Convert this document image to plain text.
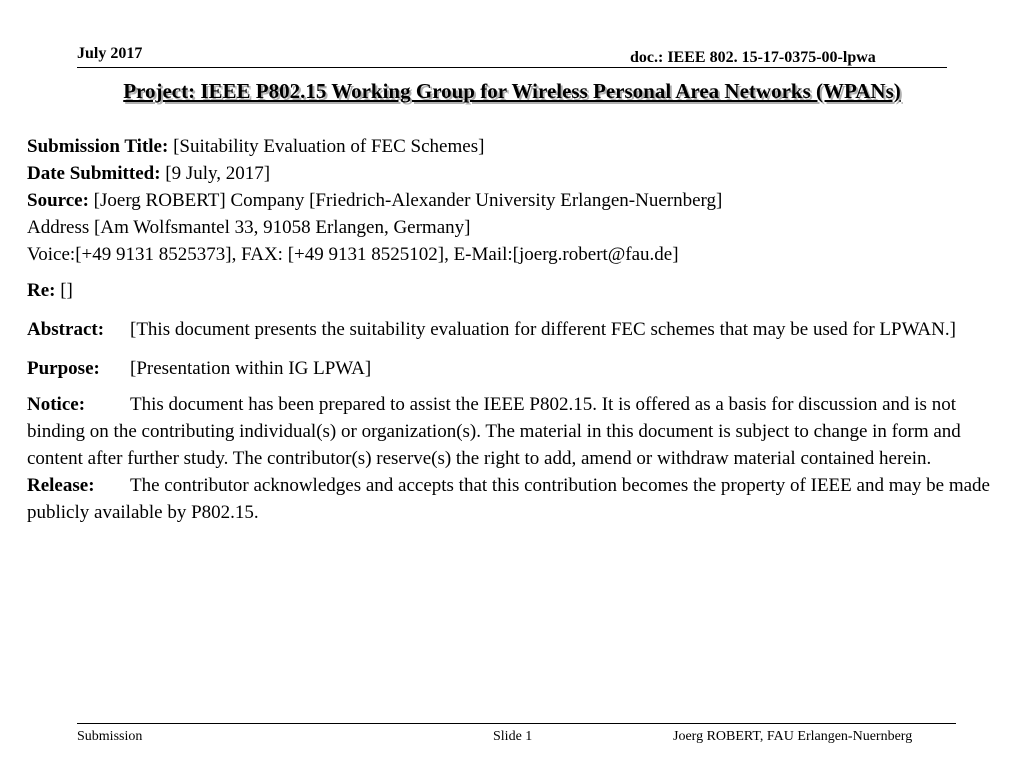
July 2017	doc.: IEEE 802. 15-17-0375-00-lpwa
Project: IEEE P802.15 Working Group for Wireless Personal Area Networks (WPANs)
Submission Title: [Suitability Evaluation of FEC Schemes]
Date Submitted: [9 July, 2017]
Source: [Joerg ROBERT] Company [Friedrich-Alexander University Erlangen-Nuernberg]
Address [Am Wolfsmantel 33, 91058 Erlangen, Germany]
Voice:[+49 9131 8525373], FAX: [+49 9131 8525102], E-Mail:[joerg.robert@fau.de]
Re: []
Abstract: [This document presents the suitability evaluation for different FEC schemes that may be used for LPWAN.]
Purpose: [Presentation within IG LPWA]
Notice: This document has been prepared to assist the IEEE P802.15. It is offered as a basis for discussion and is not binding on the contributing individual(s) or organization(s). The material in this document is subject to change in form and content after further study. The contributor(s) reserve(s) the right to add, amend or withdraw material contained herein.
Release: The contributor acknowledges and accepts that this contribution becomes the property of IEEE and may be made publicly available by P802.15.
Submission	Slide 1	Joerg ROBERT, FAU Erlangen-Nuernberg
